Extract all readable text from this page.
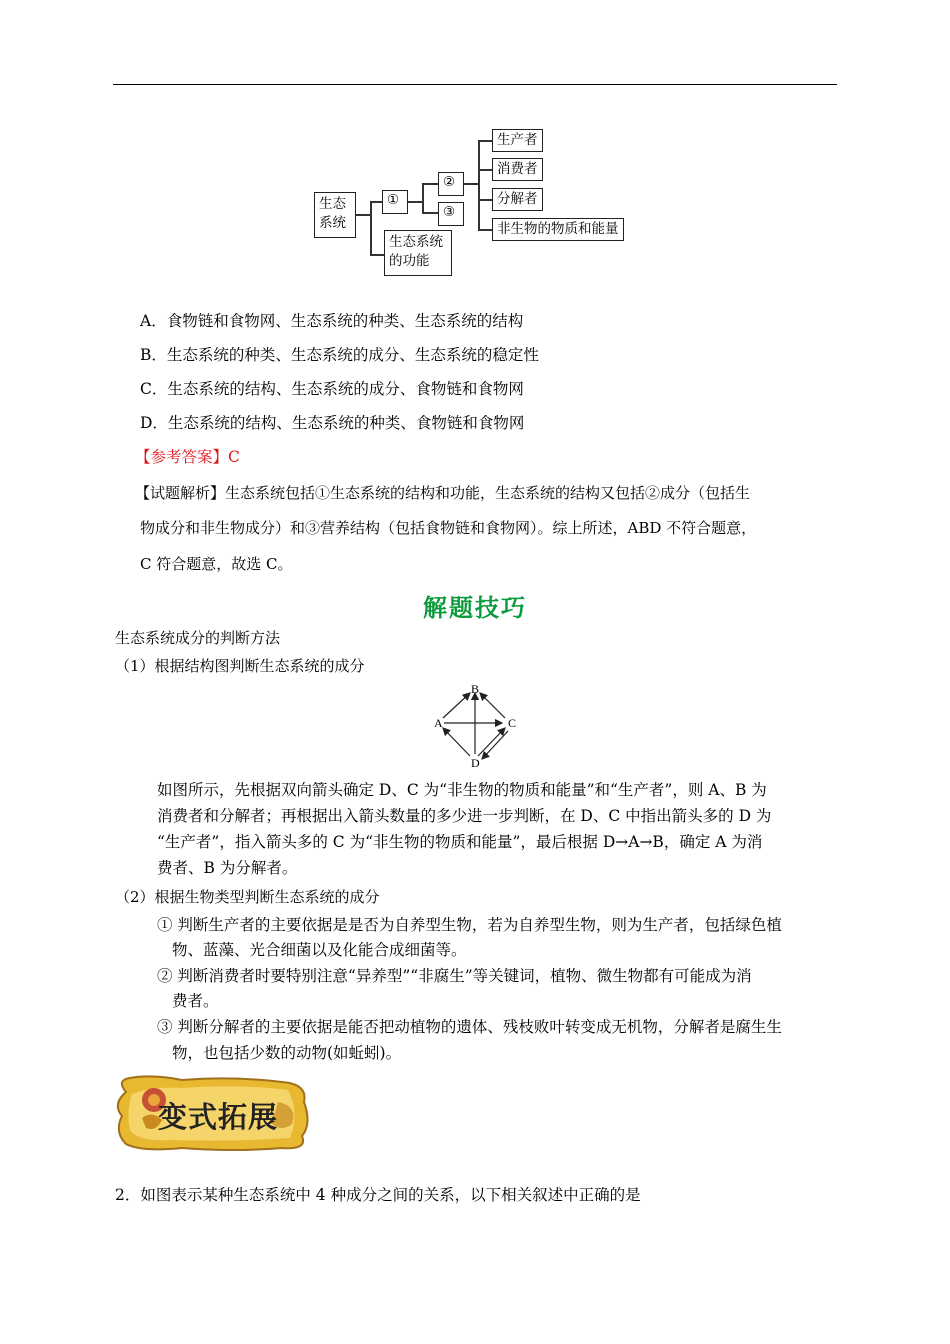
生态
系统
①
②
③
生产者
消费者
分解者
非生物的物质和能量
生态系统
的功能
A．食物链和食物网、生态系统的种类、生态系统的结构
B．生态系统的种类、生态系统的成分、生态系统的稳定性
C．生态系统的结构、生态系统的成分、食物链和食物网
D．生态系统的结构、生态系统的种类、食物链和食物网
【参考答案】C
【试题解析】生态系统包括①生态系统的结构和功能，生态系统的结构又包括②成分（包括生
物成分和非生物成分）和③营养结构（包括食物链和食物网）。综上所述，ABD 不符合题意，
C 符合题意，故选 C。
解题技巧
生态系统成分的判断方法
（1）根据结构图判断生态系统的成分
B
A	C
D
如图所示，先根据双向箭头确定 D、C 为“非生物的物质和能量”和“生产者”，则 A、B 为
消费者和分解者；再根据出入箭头数量的多少进一步判断，在 D、C 中指出箭头多的 D 为
“生产者”，指入箭头多的 C 为“非生物的物质和能量”，最后根据 D→A→B，确定 A 为消
费者、B 为分解者。
（2）根据生物类型判断生态系统的成分
① 判断生产者的主要依据是是否为自养型生物，若为自养型生物，则为生产者，包括绿色植
物、蓝藻、光合细菌以及化能合成细菌等。
② 判断消费者时要特别注意“异养型”“非腐生”等关键词，植物、微生物都有可能成为消
费者。
③ 判断分解者的主要依据是能否把动植物的遗体、残枝败叶转变成无机物，分解者是腐生生
物，也包括少数的动物(如蚯蚓)。
变式拓展
2．如图表示某种生态系统中 4 种成分之间的关系，以下相关叙述中正确的是
